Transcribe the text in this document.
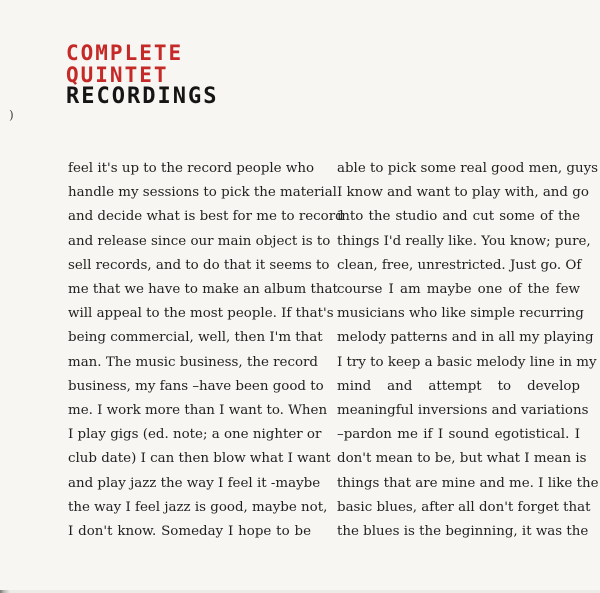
COMPLETE
QUINTET
RECORDINGS
)
feel it's up to the record people who
handle my sessions to pick the material
and decide what is best for me to record
and release since our main object is to
sell records, and to do that it seems to
me that we have to make an album that
will appeal to the most people. If that's
being commercial, well, then I'm that
man. The music business, the record
business, my fans –have been good to
me. I work more than I want to. When
I play gigs (ed. note; a one nighter or
club date) I can then blow what I want
and play jazz the way I feel it -maybe
the way I feel jazz is good, maybe not,
I don't know. Someday I hope to be
able to pick some real good men, guys
I know and want to play with, and go
into the studio and cut some of the
things I'd really like. You know; pure,
clean, free, unrestricted. Just go. Of
course I am maybe one of the few
musicians who like simple recurring
melody patterns and in all my playing
I try to keep a basic melody line in my
mind and attempt to develop
meaningful inversions and variations
–pardon me if I sound egotistical. I
don't mean to be, but what I mean is
things that are mine and me. I like the
basic blues, after all don't forget that
the blues is the beginning, it was the
